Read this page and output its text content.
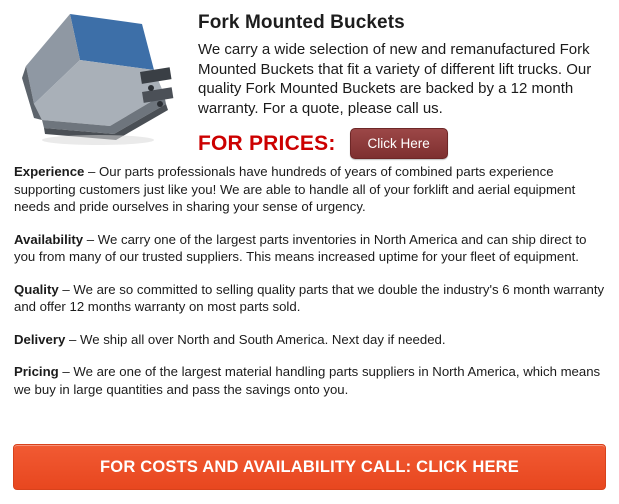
Fork Mounted Buckets

We carry a wide selection of new and remanufactured Fork Mounted Buckets that fit a variety of different lift trucks. Our quality Fork Mounted Buckets are backed by a 12 month warranty. For a quote, please call us.

FOR PRICES:	Click Here

Experience – Our parts professionals have hundreds of years of combined parts experience supporting customers just like you! We are able to handle all of your forklift and aerial equipment needs and pride ourselves in sharing your sense of urgency.

Availability – We carry one of the largest parts inventories in North America and can ship direct to you from many of our trusted suppliers. This means increased uptime for your fleet of equipment.

Quality – We are so committed to selling quality parts that we double the industry's 6 month warranty and offer 12 months warranty on most parts sold.

Delivery – We ship all over North and South America. Next day if needed.

Pricing – We are one of the largest material handling parts suppliers in North America, which means we buy in large quantities and pass the savings onto you.

FOR COSTS AND AVAILABILITY CALL: CLICK HERE
